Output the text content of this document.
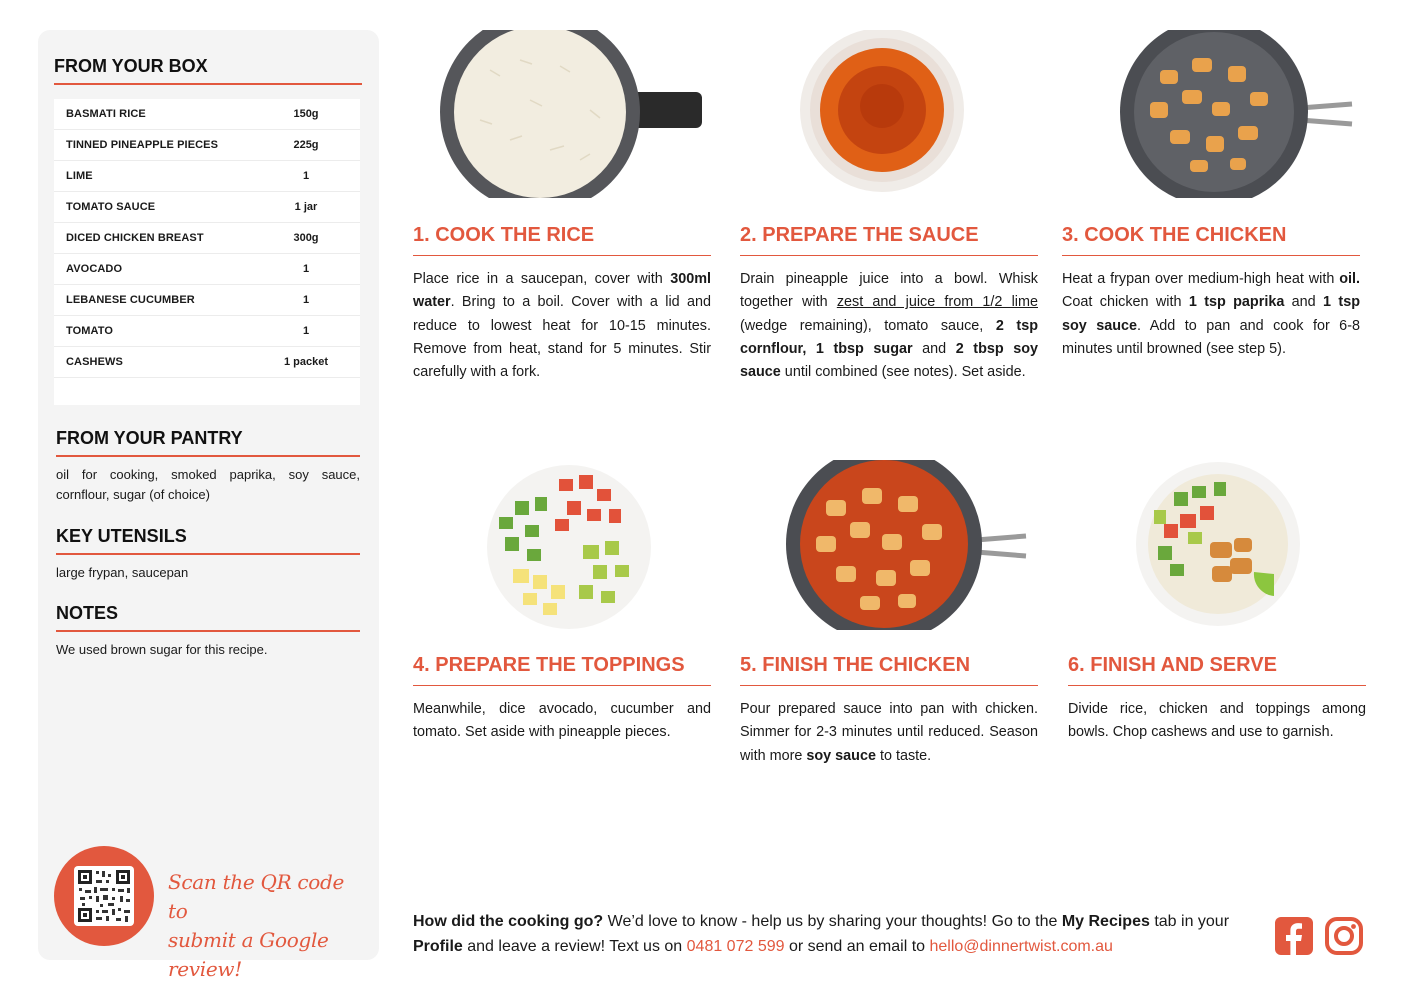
FROM YOUR BOX
BASMATI RICE	150g
TINNED PINEAPPLE PIECES	225g
LIME	1
TOMATO SAUCE	1 jar
DICED CHICKEN BREAST	300g
AVOCADO	1
LEBANESE CUCUMBER	1
TOMATO	1
CASHEWS	1 packet
FROM YOUR PANTRY

oil for cooking, smoked paprika, soy sauce, cornflour, sugar (of choice)

KEY UTENSILS

large frypan, saucepan

NOTES

We used brown sugar for this recipe.

Scan the QR code to
submit a Google review!
1. COOK THE RICE
Place rice in a saucepan, cover with 300ml water. Bring to a boil. Cover with a lid and reduce to lowest heat for 10-15 minutes. Remove from heat, stand for 5 minutes. Stir carefully with a fork.
2. PREPARE THE SAUCE
Drain pineapple juice into a bowl. Whisk together with zest and juice from 1/2 lime (wedge remaining), tomato sauce, 2 tsp cornflour, 1 tbsp sugar and 2 tbsp soy sauce until combined (see notes). Set aside.
3. COOK THE CHICKEN
Heat a frypan over medium-high heat with oil. Coat chicken with 1 tsp paprika and 1 tsp soy sauce. Add to pan and cook for 6-8 minutes until browned (see step 5).
4. PREPARE THE TOPPINGS
Meanwhile, dice avocado, cucumber and tomato. Set aside with pineapple pieces.
5. FINISH THE CHICKEN
Pour prepared sauce into pan with chicken. Simmer for 2-3 minutes until reduced. Season with more soy sauce to taste.
6. FINISH AND SERVE
Divide rice, chicken and toppings among bowls. Chop cashews and use to garnish.
How did the cooking go? We’d love to know - help us by sharing your thoughts! Go to the My Recipes tab in your Profile and leave a review! Text us on 0481 072 599 or send an email to hello@dinnertwist.com.au
